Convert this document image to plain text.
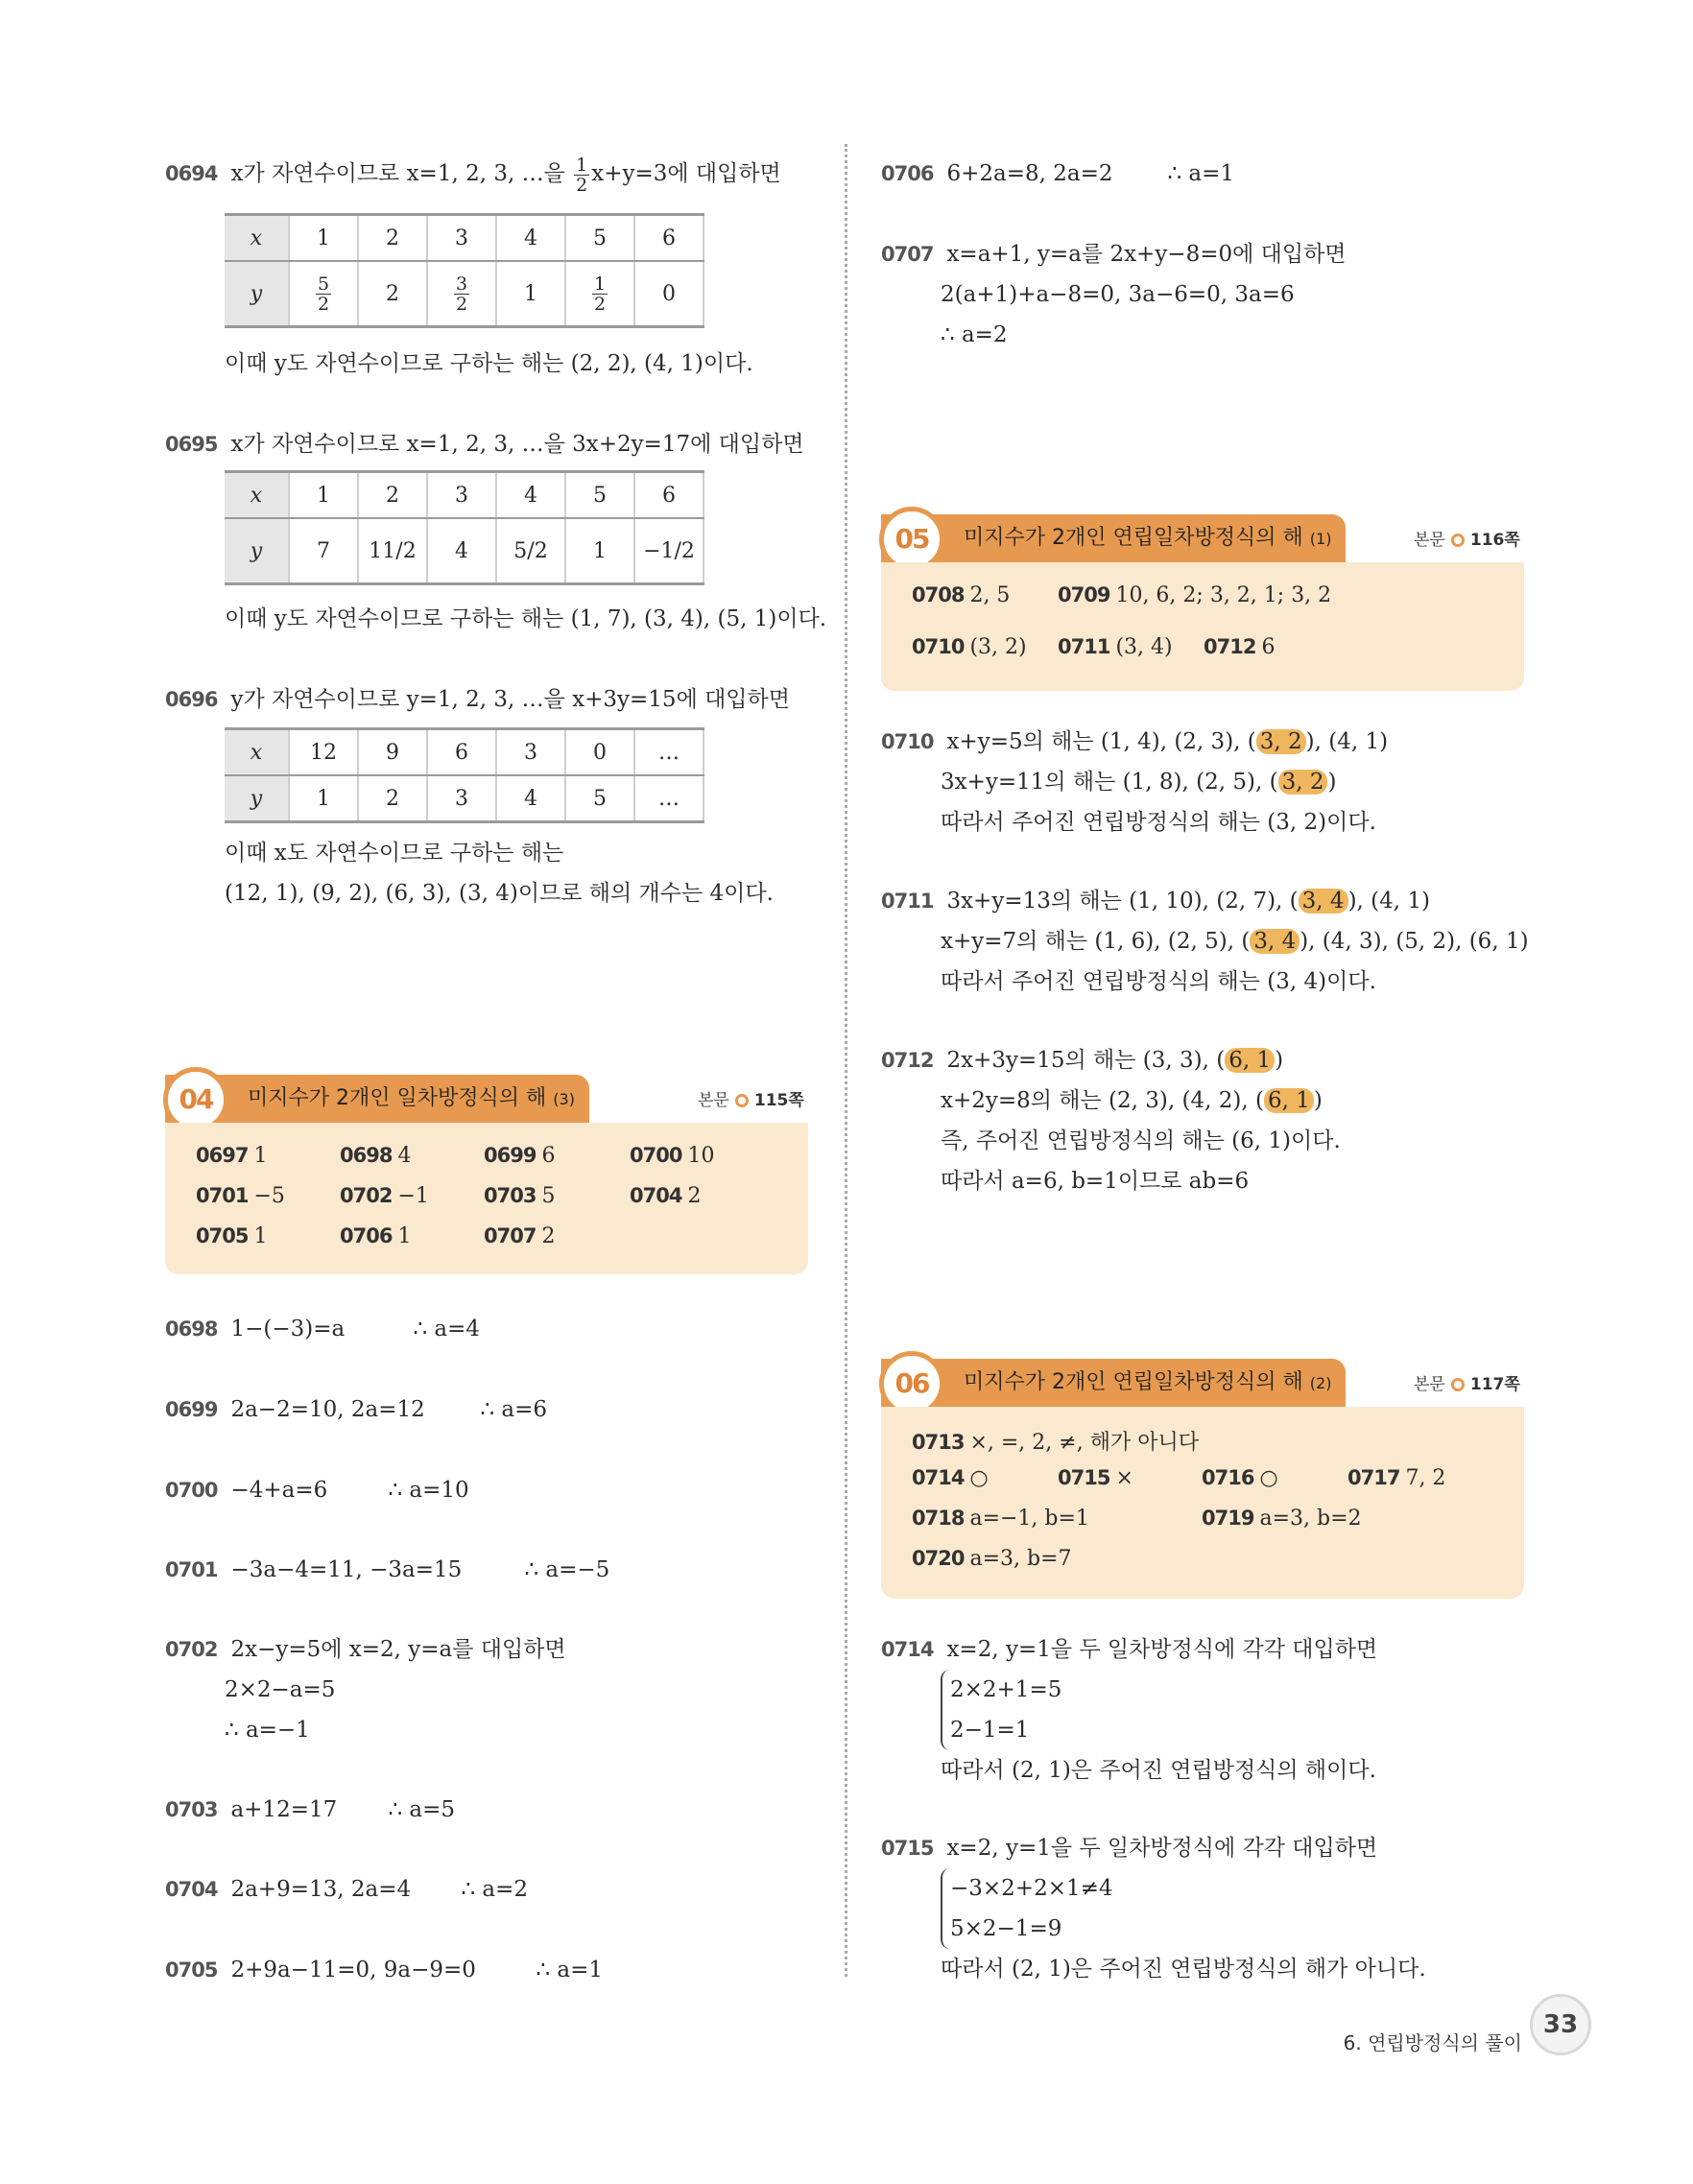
0694 x가 자연수이므로 x=1, 2, 3, …을 $\frac{1}{2} x+y=3$에 대입하면
x	1	2	3	4	5	6
y	$\frac{5}{2}$	2	$\frac{3}{2}$	1	$\frac{1}{2}$	0
이때 y도 자연수이므로 구하는 해는 (2, 2), (4, 1)이다.
0695 x가 자연수이므로 x=1, 2, 3, …을 3x+2y=17에 대입하면
x	1	2	3	4	5	6
y	7	11/2	4	5/2	1	−1/2
이때 y도 자연수이므로 구하는 해는 (1, 7), (3, 4), (5, 1)이다.
0696 y가 자연수이므로 y=1, 2, 3, …을 x+3y=15에 대입하면
x	12	9	6	3	0	…
y	1	2	3	4	5	…
이때 x도 자연수이므로 구하는 해는
(12, 1), (9, 2), (6, 3), (3, 4)이므로 해의 개수는 4이다.
04	미지수가 2개인 일차방정식의 해 (3)	본문 115쪽
0697 1	0698 4	0699 6	0700 10
0701 −5	0702 −1	0703 5	0704 2
0705 1	0706 1	0707 2
0698 1−(−3)=a	∴ a=4
0699 2a−2=10, 2a=12	∴ a=6
0700 −4+a=6	∴ a=10
0701 −3a−4=11, −3a=15	∴ a=−5
0702 2x−y=5에 x=2, y=a를 대입하면
2×2−a=5
∴ a=−1
0703 a+12=17 ∴ a=5
0704 2a+9=13, 2a=4 ∴ a=2
0705 2+9a−11=0, 9a−9=0	∴ a=1
0706 6+2a=8, 2a=2 ∴ a=1
0707 x=a+1, y=a를 2x+y−8=0에 대입하면
2(a+1)+a−8=0, 3a−6=0, 3a=6
∴ a=2
05	미지수가 2개인 연립일차방정식의 해 (1)	본문 116쪽
0708 2, 5 0709 10, 6, 2; 3, 2, 1; 3, 2
0710 (3, 2) 0711 (3, 4) 0712 6
0710 x+y=5의 해는 (1, 4), (2, 3), ( 3, 2 ), (4, 1)
3x+y=11의 해는 (1, 8), (2, 5), ( 3, 2 )
따라서 주어진 연립방정식의 해는 (3, 2)이다.
0711 3x+y=13의 해는 (1, 10), (2, 7), ( 3, 4 ), (4, 1)
x+y=7의 해는 (1, 6), (2, 5), ( 3, 4 ), (4, 3), (5, 2), (6, 1)
따라서 주어진 연립방정식의 해는 (3, 4)이다.
0712 2x+3y=15의 해는 (3, 3), ( 6, 1 )
x+2y=8의 해는 (2, 3), (4, 2), ( 6, 1 )
즉, 주어진 연립방정식의 해는 (6, 1)이다.
따라서 a=6, b=1이므로 ab=6
06	미지수가 2개인 연립일차방정식의 해 (2)	본문 117쪽
0713 ×, =, 2, ≠, 해가 아니다
0714 ○	0715 ×	0716 ○	0717 7, 2
0718 a=−1, b=1	0719 a=3, b=2
0720 a=3, b=7
0714 x=2, y=1을 두 일차방정식에 각각 대입하면
2×2+1=5
2−1=1
따라서 (2, 1)은 주어진 연립방정식의 해이다.
0715 x=2, y=1을 두 일차방정식에 각각 대입하면
−3×2+2×1≠4
5×2−1=9
따라서 (2, 1)은 주어진 연립방정식의 해가 아니다.
6. 연립방정식의 풀이
33
